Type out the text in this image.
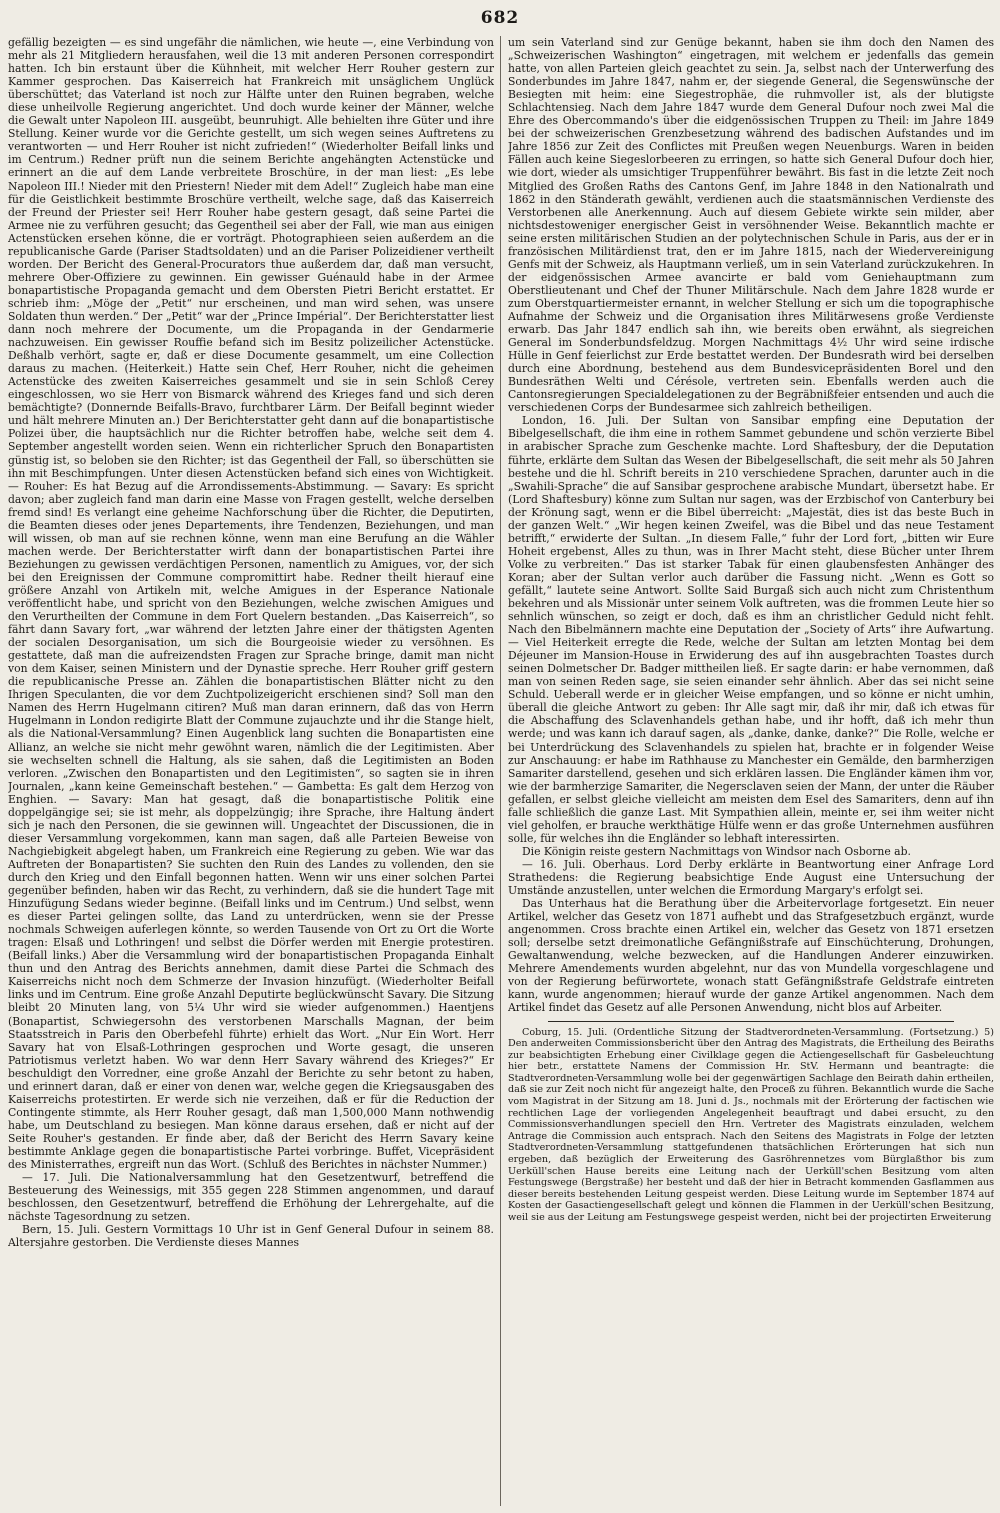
682

gefällig bezeigten — es sind ungefähr die nämlichen, wie heute —, eine Verbindung von mehr als 21 Mitgliedern herausfahen, weil die 13 mit anderen Personen correspondirt hatten. Ich bin erstaunt über die Kühnheit, mit welcher Herr Rouher gestern zur Kammer gesprochen. Das Kaiserreich hat Frankreich mit unsäglichem Unglück überschüttet; das Vaterland ist noch zur Hälfte unter den Ruinen begraben, welche diese unheilvolle Regierung angerichtet. Und doch wurde keiner der Männer, welche die Gewalt unter Napoleon III. ausgeübt, beunruhigt. Alle behielten ihre Güter und ihre Stellung. Keiner wurde vor die Gerichte gestellt, um sich wegen seines Auftretens zu verantworten — und Herr Rouher ist nicht zufrieden!“ (Wiederholter Beifall links und im Centrum.) Redner prüft nun die seinem Berichte angehängten Actenstücke und erinnert an die auf dem Lande verbreitete Broschüre, in der man liest: „Es lebe Napoleon III.! Nieder mit den Priestern! Nieder mit dem Adel!“ Zugleich habe man eine für die Geistlichkeit bestimmte Broschüre vertheilt, welche sage, daß das Kaiserreich der Freund der Priester sei! Herr Rouher habe gestern gesagt, daß seine Partei die Armee nie zu verführen gesucht; das Gegentheil sei aber der Fall, wie man aus einigen Actenstücken ersehen könne, die er vorträgt. Photographieen seien außerdem an die republicanische Garde (Pariser Stadtsoldaten) und an die Pariser Polizeidiener vertheilt worden. Der Bericht des General-Procurators thue außerdem dar, daß man versucht, mehrere Ober-Offiziere zu gewinnen. Ein gewisser Guénauld habe in der Armee bonapartistische Propaganda gemacht und dem Obersten Pietri Bericht erstattet. Er schrieb ihm: „Möge der „Petit“ nur erscheinen, und man wird sehen, was unsere Soldaten thun werden.“ Der „Petit“ war der „Prince Impérial“. Der Berichterstatter liest dann noch mehrere der Documente, um die Propaganda in der Gendarmerie nachzuweisen. Ein gewisser Rouffie befand sich im Besitz polizeilicher Actenstücke. Deßhalb verhört, sagte er, daß er diese Documente gesammelt, um eine Collection daraus zu machen. (Heiterkeit.) Hatte sein Chef, Herr Rouher, nicht die geheimen Actenstücke des zweiten Kaiserreiches gesammelt und sie in sein Schloß Cerey eingeschlossen, wo sie Herr von Bismarck während des Krieges fand und sich deren bemächtigte? (Donnernde Beifalls-Bravo, furchtbarer Lärm. Der Beifall beginnt wieder und hält mehrere Minuten an.) Der Berichterstatter geht dann auf die bonapartistische Polizei über, die hauptsächlich nur die Richter betroffen habe, welche seit dem 4. September angestellt worden seien. Wenn ein richterlicher Spruch den Bonapartisten günstig ist, so beloben sie den Richter; ist das Gegentheil der Fall, so überschütten sie ihn mit Beschimpfungen. Unter diesen Actenstücken befand sich eines von Wichtigkeit. — Rouher: Es hat Bezug auf die Arrondissements-Abstimmung. — Savary: Es spricht davon; aber zugleich fand man darin eine Masse von Fragen gestellt, welche derselben fremd sind! Es verlangt eine geheime Nachforschung über die Richter, die Deputirten, die Beamten dieses oder jenes Departements, ihre Tendenzen, Beziehungen, und man will wissen, ob man auf sie rechnen könne, wenn man eine Berufung an die Wähler machen werde. Der Berichterstatter wirft dann der bonapartistischen Partei ihre Beziehungen zu gewissen verdächtigen Personen, namentlich zu Amigues, vor, der sich bei den Ereignissen der Commune compromittirt habe. Redner theilt hierauf eine größere Anzahl von Artikeln mit, welche Amigues in der Esperance Nationale veröffentlicht habe, und spricht von den Beziehungen, welche zwischen Amigues und den Verurtheilten der Commune in dem Fort Quelern bestanden. „Das Kaiserreich“, so fährt dann Savary fort, „war während der letzten Jahre einer der thätigsten Agenten der socialen Desorganisation, um sich die Bourgeoisie wieder zu versöhnen. Es gestattete, daß man die aufreizendsten Fragen zur Sprache bringe, damit man nicht von dem Kaiser, seinen Ministern und der Dynastie spreche. Herr Rouher griff gestern die republicanische Presse an. Zählen die bonapartistischen Blätter nicht zu den Ihrigen Speculanten, die vor dem Zuchtpolizeigericht erschienen sind? Soll man den Namen des Herrn Hugelmann citiren? Muß man daran erinnern, daß das von Herrn Hugelmann in London redigirte Blatt der Commune zujauchzte und ihr die Stange hielt, als die National-Versammlung? Einen Augenblick lang suchten die Bonapartisten eine Allianz, an welche sie nicht mehr gewöhnt waren, nämlich die der Legitimisten. Aber sie wechselten schnell die Haltung, als sie sahen, daß die Legitimisten an Boden verloren. „Zwischen den Bonapartisten und den Legitimisten“, so sagten sie in ihren Journalen, „kann keine Gemeinschaft bestehen.“ — Gambetta: Es galt dem Herzog von Enghien. — Savary: Man hat gesagt, daß die bonapartistische Politik eine doppelgängige sei; sie ist mehr, als doppelzüngig; ihre Sprache, ihre Haltung ändert sich je nach den Personen, die sie gewinnen will. Ungeachtet der Discussionen, die in dieser Versammlung vorgekommen, kann man sagen, daß alle Parteien Beweise von Nachgiebigkeit abgelegt haben, um Frankreich eine Regierung zu geben. Wie war das Auftreten der Bonapartisten? Sie suchten den Ruin des Landes zu vollenden, den sie durch den Krieg und den Einfall begonnen hatten. Wenn wir uns einer solchen Partei gegenüber befinden, haben wir das Recht, zu verhindern, daß sie die hundert Tage mit Hinzufügung Sedans wieder beginne. (Beifall links und im Centrum.) Und selbst, wenn es dieser Partei gelingen sollte, das Land zu unterdrücken, wenn sie der Presse nochmals Schweigen auferlegen könnte, so werden Tausende von Ort zu Ort die Worte tragen: Elsaß und Lothringen! und selbst die Dörfer werden mit Energie protestiren. (Beifall links.) Aber die Versammlung wird der bonapartistischen Propaganda Einhalt thun und den Antrag des Berichts annehmen, damit diese Partei die Schmach des Kaiserreichs nicht noch dem Schmerze der Invasion hinzufügt. (Wiederholter Beifall links und im Centrum. Eine große Anzahl Deputirte beglückwünscht Savary. Die Sitzung bleibt 20 Minuten lang, von 5¼ Uhr wird sie wieder aufgenommen.) Haentjens (Bonapartist, Schwiegersohn des verstorbenen Marschalls Magnan, der beim Staatsstreich in Paris den Oberbefehl führte) erhielt das Wort. „Nur Ein Wort. Herr Savary hat von Elsaß-Lothringen gesprochen und Worte gesagt, die unseren Patriotismus verletzt haben. Wo war denn Herr Savary während des Krieges?“ Er beschuldigt den Vorredner, eine große Anzahl der Berichte zu sehr betont zu haben, und erinnert daran, daß er einer von denen war, welche gegen die Kriegsausgaben des Kaiserreichs protestirten. Er werde sich nie verzeihen, daß er für die Reduction der Contingente stimmte, als Herr Rouher gesagt, daß man 1,500,000 Mann nothwendig habe, um Deutschland zu besiegen. Man könne daraus ersehen, daß er nicht auf der Seite Rouher's gestanden. Er finde aber, daß der Bericht des Herrn Savary keine bestimmte Anklage gegen die bonapartistische Partei vorbringe. Buffet, Vicepräsident des Ministerrathes, ergreift nun das Wort. (Schluß des Berichtes in nächster Nummer.)

— 17. Juli. Die Nationalversammlung hat den Gesetzentwurf, betreffend die Besteuerung des Weinessigs, mit 355 gegen 228 Stimmen angenommen, und darauf beschlossen, den Gesetzentwurf, betreffend die Erhöhung der Lehrergehalte, auf die nächste Tagesordnung zu setzen.

Bern, 15. Juli. Gestern Vormittags 10 Uhr ist in Genf General Dufour in seinem 88. Altersjahre gestorben. Die Verdienste dieses Mannes

um sein Vaterland sind zur Genüge bekannt, haben sie ihm doch den Namen des „Schweizerischen Washington“ eingetragen, mit welchem er jedenfalls das gemein hatte, von allen Parteien gleich geachtet zu sein. Ja, selbst nach der Unterwerfung des Sonderbundes im Jahre 1847, nahm er, der siegende General, die Segenswünsche der Besiegten mit heim: eine Siegestrophäe, die ruhmvoller ist, als der blutigste Schlachtensieg. Nach dem Jahre 1847 wurde dem General Dufour noch zwei Mal die Ehre des Obercommando's über die eidgenössischen Truppen zu Theil: im Jahre 1849 bei der schweizerischen Grenzbesetzung während des badischen Aufstandes und im Jahre 1856 zur Zeit des Conflictes mit Preußen wegen Neuenburgs. Waren in beiden Fällen auch keine Siegeslorbeeren zu erringen, so hatte sich General Dufour doch hier, wie dort, wieder als umsichtiger Truppenführer bewährt. Bis fast in die letzte Zeit noch Mitglied des Großen Raths des Cantons Genf, im Jahre 1848 in den Nationalrath und 1862 in den Ständerath gewählt, verdienen auch die staatsmännischen Verdienste des Verstorbenen alle Anerkennung. Auch auf diesem Gebiete wirkte sein milder, aber nichtsdestoweniger energischer Geist in versöhnender Weise. Bekanntlich machte er seine ersten militärischen Studien an der polytechnischen Schule in Paris, aus der er in französischen Militärdienst trat, den er im Jahre 1815, nach der Wiedervereinigung Genfs mit der Schweiz, als Hauptmann verließ, um in sein Vaterland zurückzukehren. In der eidgenössischen Armee avancirte er bald vom Geniehauptmann zum Oberstlieutenant und Chef der Thuner Militärschule. Nach dem Jahre 1828 wurde er zum Oberstquartiermeister ernannt, in welcher Stellung er sich um die topographische Aufnahme der Schweiz und die Organisation ihres Militärwesens große Verdienste erwarb. Das Jahr 1847 endlich sah ihn, wie bereits oben erwähnt, als siegreichen General im Sonderbundsfeldzug. Morgen Nachmittags 4½ Uhr wird seine irdische Hülle in Genf feierlichst zur Erde bestattet werden. Der Bundesrath wird bei derselben durch eine Abordnung, bestehend aus dem Bundesvicepräsidenten Borel und den Bundesräthen Welti und Cérésole, vertreten sein. Ebenfalls werden auch die Cantonsregierungen Specialdelegationen zu der Begräbnißfeier entsenden und auch die verschiedenen Corps der Bundesarmee sich zahlreich betheiligen.

London, 16. Juli. Der Sultan von Sansibar empfing eine Deputation der Bibelgesellschaft, die ihm eine in rothem Sammet gebundene und schön verzierte Bibel in arabischer Sprache zum Geschenke machte. Lord Shaftesbury, der die Deputation führte, erklärte dem Sultan das Wesen der Bibelgesellschaft, die seit mehr als 50 Jahren bestehe und die hl. Schrift bereits in 210 verschiedene Sprachen, darunter auch in die „Swahili-Sprache“ die auf Sansibar gesprochene arabische Mundart, übersetzt habe. Er (Lord Shaftesbury) könne zum Sultan nur sagen, was der Erzbischof von Canterbury bei der Krönung sagt, wenn er die Bibel überreicht: „Majestät, dies ist das beste Buch in der ganzen Welt.“ „Wir hegen keinen Zweifel, was die Bibel und das neue Testament betrifft,“ erwiderte der Sultan. „In diesem Falle,“ fuhr der Lord fort, „bitten wir Eure Hoheit ergebenst, Alles zu thun, was in Ihrer Macht steht, diese Bücher unter Ihrem Volke zu verbreiten.“ Das ist starker Tabak für einen glaubensfesten Anhänger des Koran; aber der Sultan verlor auch darüber die Fassung nicht. „Wenn es Gott so gefällt,“ lautete seine Antwort. Sollte Said Burgaß sich auch nicht zum Christenthum bekehren und als Missionär unter seinem Volk auftreten, was die frommen Leute hier so sehnlich wünschen, so zeigt er doch, daß es ihm an christlicher Geduld nicht fehlt. Nach den Bibelmännern machte eine Deputation der „Society of Arts“ ihre Aufwartung. — Viel Heiterkeit erregte die Rede, welche der Sultan am letzten Montag bei dem Déjeuner im Mansion-House in Erwiderung des auf ihn ausgebrachten Toastes durch seinen Dolmetscher Dr. Badger mittheilen ließ. Er sagte darin: er habe vernommen, daß man von seinen Reden sage, sie seien einander sehr ähnlich. Aber das sei nicht seine Schuld. Ueberall werde er in gleicher Weise empfangen, und so könne er nicht umhin, überall die gleiche Antwort zu geben: Ihr Alle sagt mir, daß ihr mir, daß ich etwas für die Abschaffung des Sclavenhandels gethan habe, und ihr hofft, daß ich mehr thun werde; und was kann ich darauf sagen, als „danke, danke, danke?“ Die Rolle, welche er bei Unterdrückung des Sclavenhandels zu spielen hat, brachte er in folgender Weise zur Anschauung: er habe im Rathhause zu Manchester ein Gemälde, den barmherzigen Samariter darstellend, gesehen und sich erklären lassen. Die Engländer kämen ihm vor, wie der barmherzige Samariter, die Negersclaven seien der Mann, der unter die Räuber gefallen, er selbst gleiche vielleicht am meisten dem Esel des Samariters, denn auf ihn falle schließlich die ganze Last. Mit Sympathien allein, meinte er, sei ihm weiter nicht viel geholfen, er brauche werkthätige Hülfe wenn er das große Unternehmen ausführen solle, für welches ihn die Engländer so lebhaft interessirten.

Die Königin reiste gestern Nachmittags von Windsor nach Osborne ab.

— 16. Juli. Oberhaus. Lord Derby erklärte in Beantwortung einer Anfrage Lord Strathedens: die Regierung beabsichtige Ende August eine Untersuchung der Umstände anzustellen, unter welchen die Ermordung Margary's erfolgt sei.

Das Unterhaus hat die Berathung über die Arbeitervorlage fortgesetzt. Ein neuer Artikel, welcher das Gesetz von 1871 aufhebt und das Strafgesetzbuch ergänzt, wurde angenommen. Cross brachte einen Artikel ein, welcher das Gesetz von 1871 ersetzen soll; derselbe setzt dreimonatliche Gefängnißstrafe auf Einschüchterung, Drohungen, Gewaltanwendung, welche bezwecken, auf die Handlungen Anderer einzuwirken. Mehrere Amendements wurden abgelehnt, nur das von Mundella vorgeschlagene und von der Regierung befürwortete, wonach statt Gefängnißstrafe Geldstrafe eintreten kann, wurde angenommen; hierauf wurde der ganze Artikel angenommen. Nach dem Artikel findet das Gesetz auf alle Personen Anwendung, nicht blos auf Arbeiter.

Coburg, 15. Juli. (Ordentliche Sitzung der Stadtverordneten-Versammlung. (Fortsetzung.) 5) Den anderweiten Commissionsbericht über den Antrag des Magistrats, die Ertheilung des Beiraths zur beabsichtigten Erhebung einer Civilklage gegen die Actiengesellschaft für Gasbeleuchtung hier betr., erstattete Namens der Commission Hr. StV. Hermann und beantragte: die Stadtverordneten-Versammlung wolle bei der gegenwärtigen Sachlage den Beirath dahin ertheilen, daß sie zur Zeit noch nicht für angezeigt halte, den Proceß zu führen. Bekanntlich wurde die Sache vom Magistrat in der Sitzung am 18. Juni d. Js., nochmals mit der Erörterung der factischen wie rechtlichen Lage der vorliegenden Angelegenheit beauftragt und dabei ersucht, zu den Commissionsverhandlungen speciell den Hrn. Vertreter des Magistrats einzuladen, welchem Antrage die Commission auch entsprach. Nach den Seitens des Magistrats in Folge der letzten Stadtverordneten-Versammlung stattgefundenen thatsächlichen Erörterungen hat sich nun ergeben, daß bezüglich der Erweiterung des Gasröhrennetzes vom Bürglaßthor bis zum Uerküll'schen Hause bereits eine Leitung nach der Uerküll'schen Besitzung vom alten Festungswege (Bergstraße) her besteht und daß der hier in Betracht kommenden Gasflammen aus dieser bereits bestehenden Leitung gespeist werden. Diese Leitung wurde im September 1874 auf Kosten der Gasactiengesellschaft gelegt und können die Flammen in der Uerküll'schen Besitzung, weil sie aus der Leitung am Festungswege gespeist werden, nicht bei der projectirten Erweiterung
